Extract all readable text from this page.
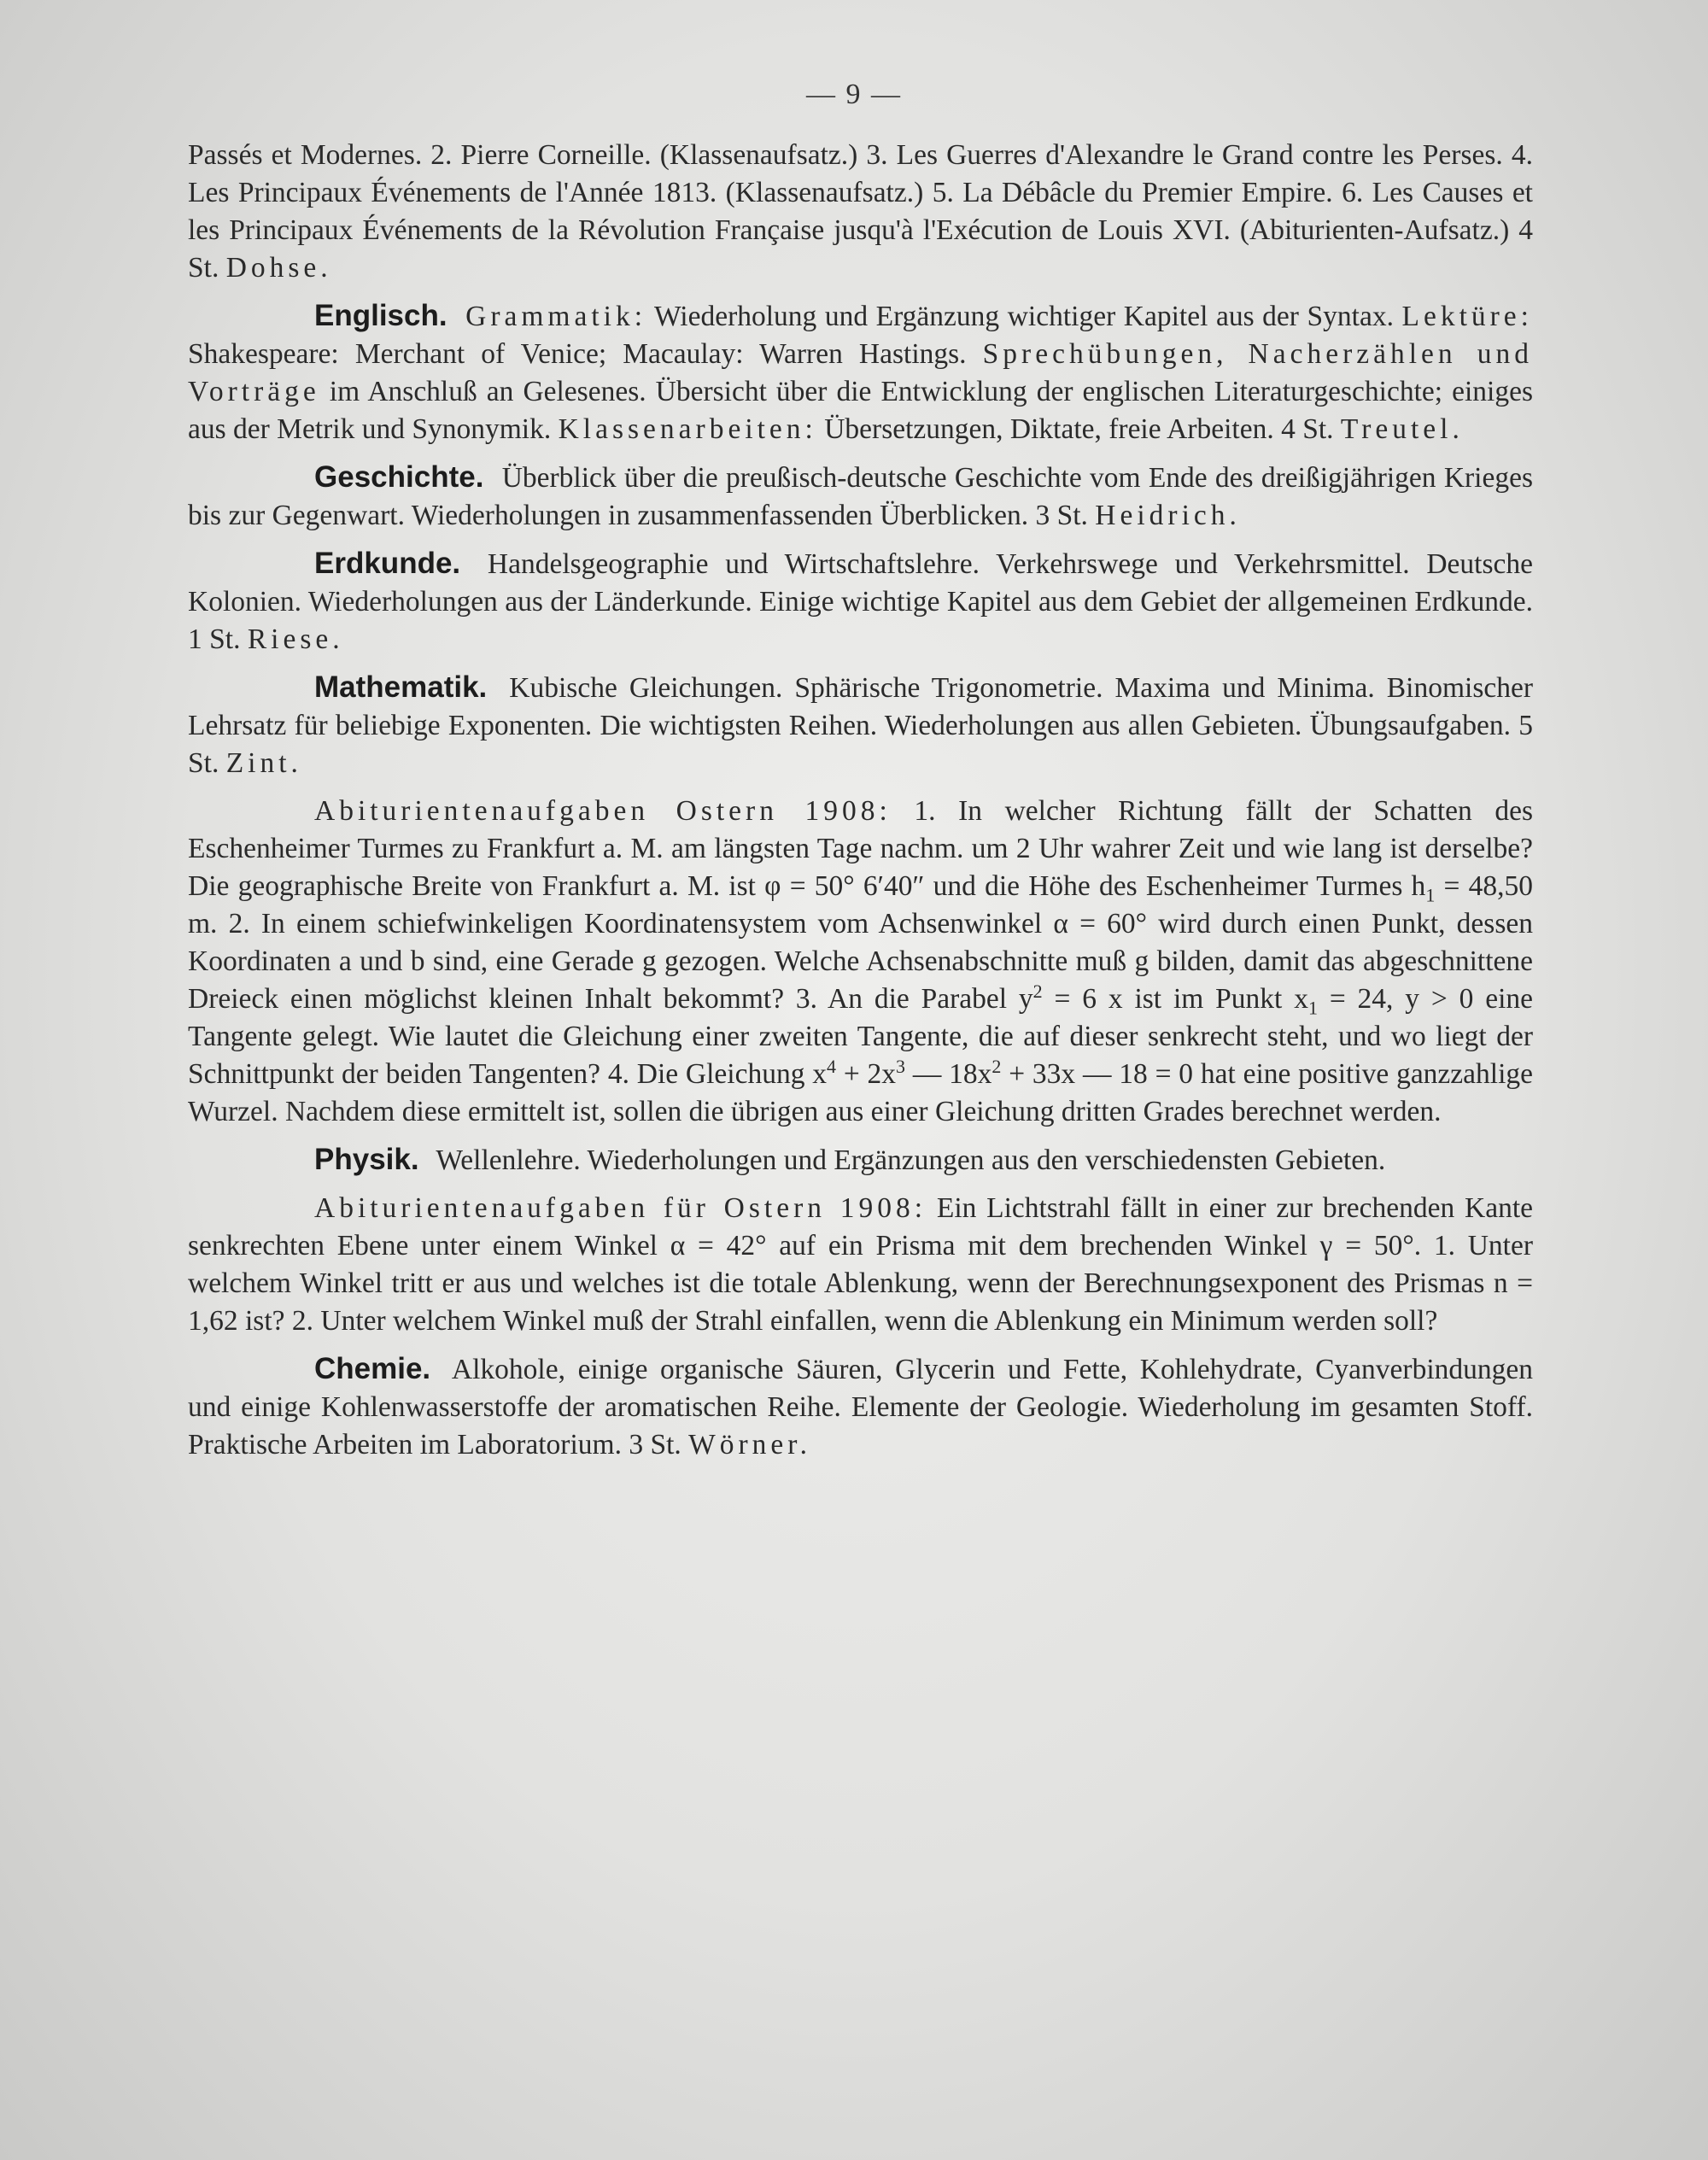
— 9 —

Passés et Modernes. 2. Pierre Corneille. (Klassenaufsatz.) 3. Les Guerres d'Alexandre le Grand contre les Perses. 4. Les Principaux Événements de l'Année 1813. (Klassenaufsatz.) 5. La Débâcle du Premier Empire. 6. Les Causes et les Principaux Événements de la Révolution Française jusqu'à l'Exécution de Louis XVI. (Abiturienten-Aufsatz.) 4 St. Dohse.

Englisch. Grammatik: Wiederholung und Ergänzung wichtiger Kapitel aus der Syntax. Lektüre: Shakespeare: Merchant of Venice; Macaulay: Warren Hastings. Sprechübungen, Nacherzählen und Vorträge im Anschluß an Gelesenes. Übersicht über die Entwicklung der englischen Literaturgeschichte; einiges aus der Metrik und Synonymik. Klassenarbeiten: Übersetzungen, Diktate, freie Arbeiten. 4 St. Treutel.

Geschichte. Überblick über die preußisch-deutsche Geschichte vom Ende des dreißigjährigen Krieges bis zur Gegenwart. Wiederholungen in zusammenfassenden Überblicken. 3 St. Heidrich.

Erdkunde. Handelsgeographie und Wirtschaftslehre. Verkehrswege und Verkehrsmittel. Deutsche Kolonien. Wiederholungen aus der Länderkunde. Einige wichtige Kapitel aus dem Gebiet der allgemeinen Erdkunde. 1 St. Riese.

Mathematik. Kubische Gleichungen. Sphärische Trigonometrie. Maxima und Minima. Binomischer Lehrsatz für beliebige Exponenten. Die wichtigsten Reihen. Wiederholungen aus allen Gebieten. Übungsaufgaben. 5 St. Zint.

Abiturientenaufgaben Ostern 1908: 1. In welcher Richtung fällt der Schatten des Eschenheimer Turmes zu Frankfurt a. M. am längsten Tage nachm. um 2 Uhr wahrer Zeit und wie lang ist derselbe? Die geographische Breite von Frankfurt a. M. ist φ = 50° 6′40″ und die Höhe des Eschenheimer Turmes $h_1 = 48,50$ m. 2. In einem schiefwinkeligen Koordinatensystem vom Achsenwinkel α = 60° wird durch einen Punkt, dessen Koordinaten a und b sind, eine Gerade g gezogen. Welche Achsenabschnitte muß g bilden, damit das abgeschnittene Dreieck einen möglichst kleinen Inhalt bekommt? 3. An die Parabel $y^2 = 6$ x ist im Punkt $x_1 = 24$, y > 0 eine Tangente gelegt. Wie lautet die Gleichung einer zweiten Tangente, die auf dieser senkrecht steht, und wo liegt der Schnittpunkt der beiden Tangenten? 4. Die Gleichung $x^4 + 2x^3$ — $18x^2 + 33x$ — 18 = 0 hat eine positive ganzzahlige Wurzel. Nachdem diese ermittelt ist, sollen die übrigen aus einer Gleichung dritten Grades berechnet werden.

Physik. Wellenlehre. Wiederholungen und Ergänzungen aus den verschiedensten Gebieten.

Abiturientenaufgaben für Ostern 1908: Ein Lichtstrahl fällt in einer zur brechenden Kante senkrechten Ebene unter einem Winkel α = 42° auf ein Prisma mit dem brechenden Winkel γ = 50°. 1. Unter welchem Winkel tritt er aus und welches ist die totale Ablenkung, wenn der Berechnungsexponent des Prismas n = 1,62 ist? 2. Unter welchem Winkel muß der Strahl einfallen, wenn die Ablenkung ein Minimum werden soll?

Chemie. Alkohole, einige organische Säuren, Glycerin und Fette, Kohlehydrate, Cyanverbindungen und einige Kohlenwasserstoffe der aromatischen Reihe. Elemente der Geologie. Wiederholung im gesamten Stoff. Praktische Arbeiten im Laboratorium. 3 St. Wörner.
